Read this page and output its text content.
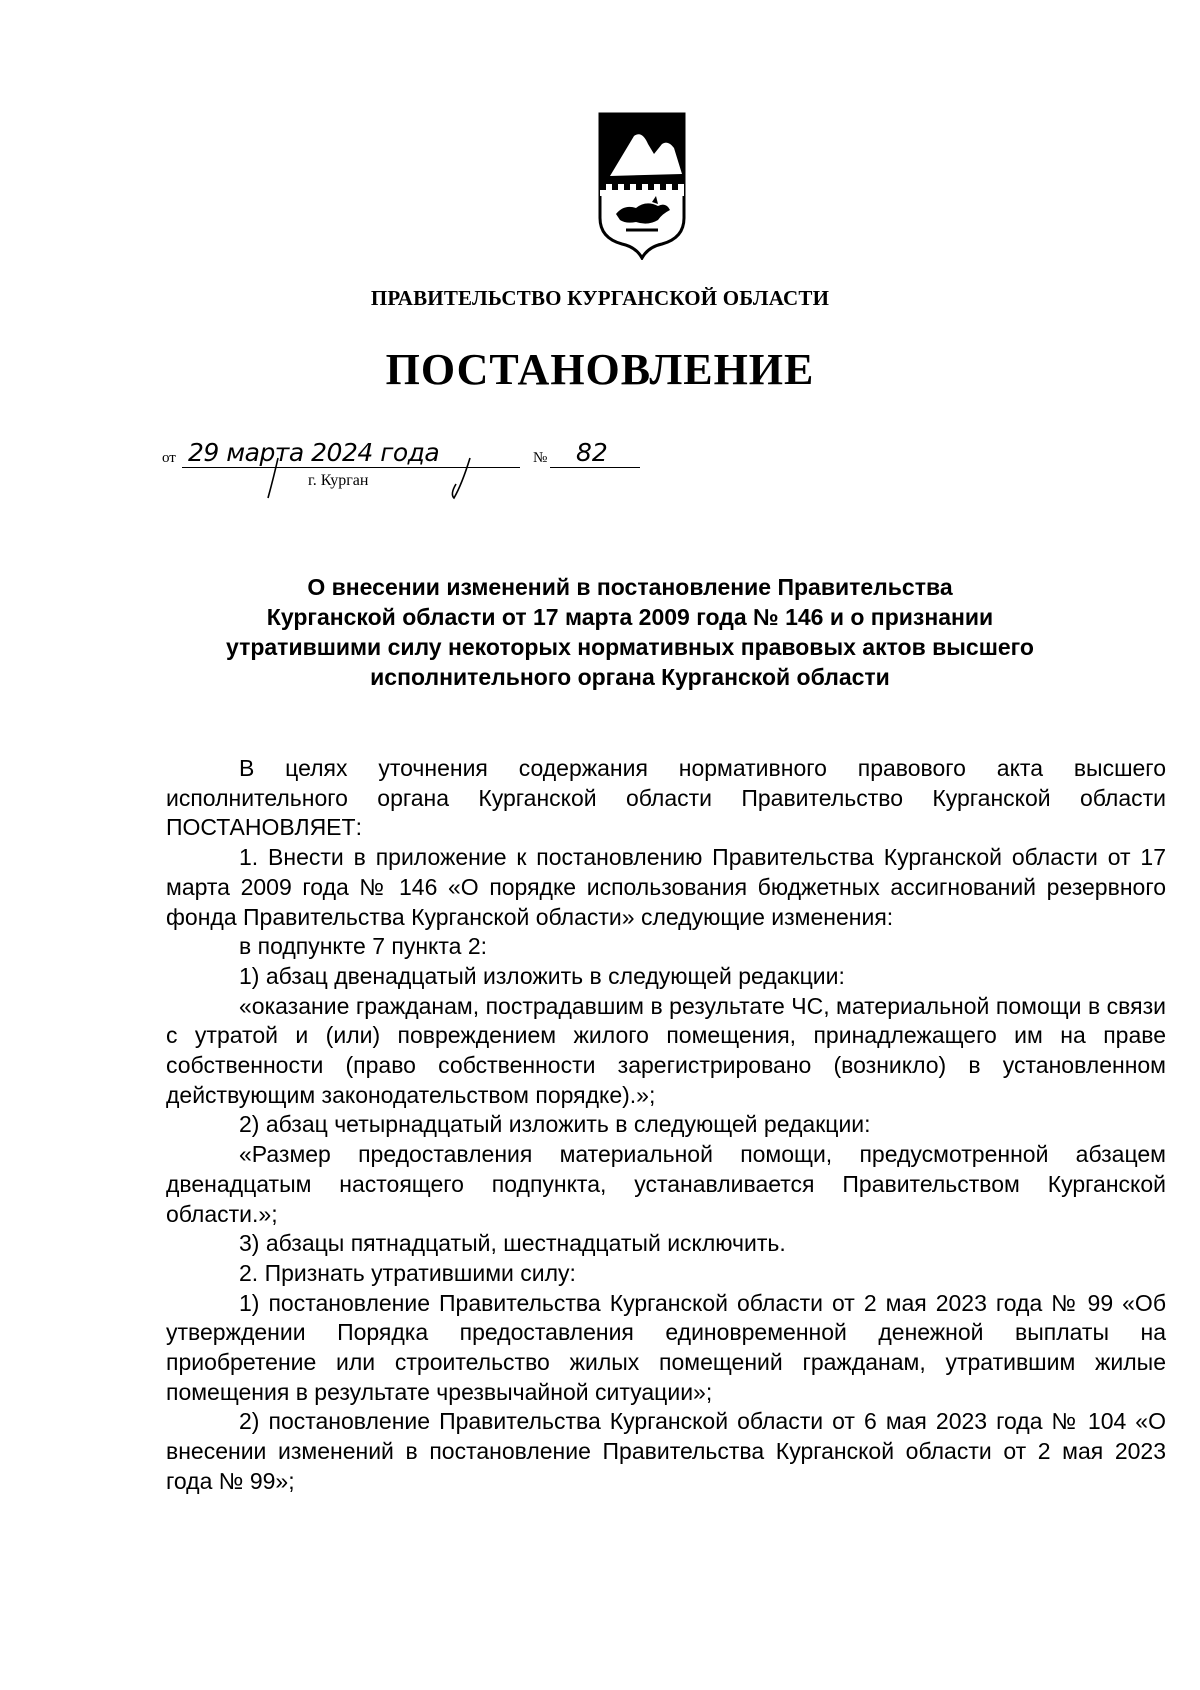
ПРАВИТЕЛЬСТВО КУРГАНСКОЙ ОБЛАСТИ
ПОСТАНОВЛЕНИЕ
от 29 марта 2024 года	№ 82
г. Курган
О внесении изменений в постановление Правительства
Курганской области от 17 марта 2009 года № 146 и о признании
утратившими силу некоторых нормативных правовых актов высшего
исполнительного органа Курганской области

В целях уточнения содержания нормативного правового акта высшего исполнительного органа Курганской области Правительство Курганской области ПОСТАНОВЛЯЕТ:

1. Внести в приложение к постановлению Правительства Курганской области от 17 марта 2009 года № 146 «О порядке использования бюджетных ассигнований резервного фонда Правительства Курганской области» следующие изменения:

в подпункте 7 пункта 2:

1) абзац двенадцатый изложить в следующей редакции:

«оказание гражданам, пострадавшим в результате ЧС, материальной помощи в связи с утратой и (или) повреждением жилого помещения, принадлежащего им на праве собственности (право собственности зарегистрировано (возникло) в установленном действующим законодательством порядке).»;

2) абзац четырнадцатый изложить в следующей редакции:

«Размер предоставления материальной помощи, предусмотренной абзацем двенадцатым настоящего подпункта, устанавливается Правительством Курганской области.»;

3) абзацы пятнадцатый, шестнадцатый исключить.

2. Признать утратившими силу:

1) постановление Правительства Курганской области от 2 мая 2023 года № 99 «Об утверждении Порядка предоставления единовременной денежной выплаты на приобретение или строительство жилых помещений гражданам, утратившим жилые помещения в результате чрезвычайной ситуации»;

2) постановление Правительства Курганской области от 6 мая 2023 года № 104 «О внесении изменений в постановление Правительства Курганской области от 2 мая 2023 года № 99»;
